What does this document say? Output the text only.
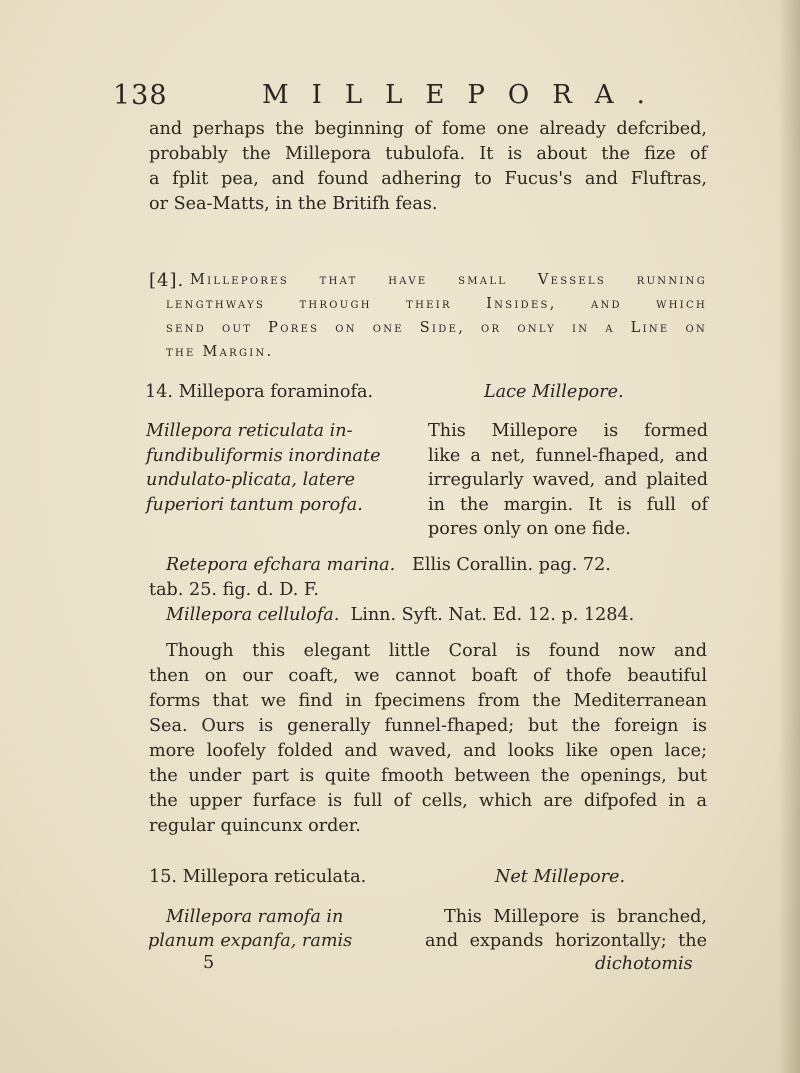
138	MILLEPORA.
and perhaps the beginning of fome one already defcribed,
probably the Millepora tubulofa. It is about the fize of
a fplit pea, and found adhering to Fucus's and Fluftras,
or Sea-Matts, in the Britifh feas.
[4]. Millepores that have small Vessels running
lengthways through their Insides, and which
send out Pores on one Side, or only in a Line on
the Margin.
14. Millepora foraminofa.	Lace Millepore.
Millepora reticulata in-
fundibuliformis inordinate
undulato-plicata, latere
fuperiori tantum porofa.
This Millepore is formed
like a net, funnel-fhaped, and
irregularly waved, and plaited
in the margin. It is full of
pores only on one fide.
Retepora efchara marina. Ellis Corallin. pag. 72.
tab. 25. fig. d. D. F.
Millepora cellulofa. Linn. Syft. Nat. Ed. 12. p. 1284.
Though this elegant little Coral is found now and
then on our coaft, we cannot boaft of thofe beautiful
forms that we find in fpecimens from the Mediterranean
Sea. Ours is generally funnel-fhaped; but the foreign is
more loofely folded and waved, and looks like open lace;
the under part is quite fmooth between the openings, but
the upper furface is full of cells, which are difpofed in a
regular quincunx order.
15. Millepora reticulata.	Net Millepore.
Millepora ramofa in
planum expanfa, ramis
This Millepore is branched,
and expands horizontally; the
5	dichotomis
